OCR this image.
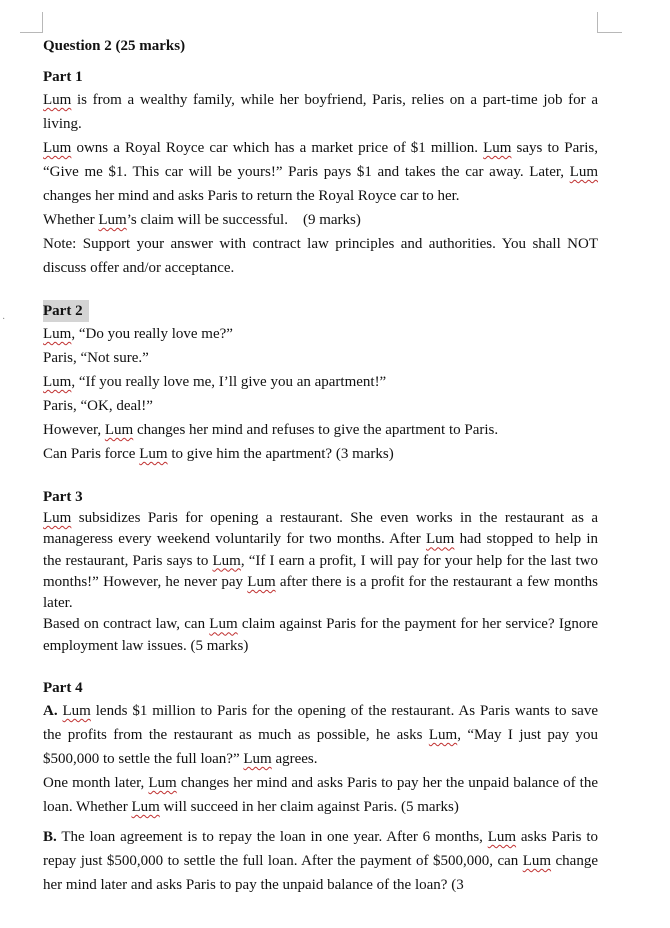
·
Question 2 (25 marks)
Part 1

Lum is from a wealthy family, while her boyfriend, Paris, relies on a part-time job for a living.

Lum owns a Royal Royce car which has a market price of $1 million. Lum says to Paris, “Give me $1. This car will be yours!” Paris pays $1 and takes the car away. Later, Lum changes her mind and asks Paris to return the Royal Royce car to her.

Whether Lum’s claim will be successful.    (9 marks)

Note: Support your answer with contract law principles and authorities. You shall NOT discuss offer and/or acceptance.

Part 2

Lum, “Do you really love me?”

Paris, “Not sure.”

Lum, “If you really love me, I’ll give you an apartment!”

Paris, “OK, deal!”

However, Lum changes her mind and refuses to give the apartment to Paris.

Can Paris force Lum to give him the apartment? (3 marks)

Part 3

Lum subsidizes Paris for opening a restaurant. She even works in the restaurant as a manageress every weekend voluntarily for two months. After Lum had stopped to help in the restaurant, Paris says to Lum, “If I earn a profit, I will pay for your help for the last two months!” However, he never pay Lum after there is a profit for the restaurant a few months later.

Based on contract law, can Lum claim against Paris for the payment for her service? Ignore employment law issues. (5 marks)

Part 4

A. Lum lends $1 million to Paris for the opening of the restaurant. As Paris wants to save the profits from the restaurant as much as possible, he asks Lum, “May I just pay you $500,000 to settle the full loan?” Lum agrees.

One month later, Lum changes her mind and asks Paris to pay her the unpaid balance of the loan. Whether Lum will succeed in her claim against Paris. (5 marks)

B. The loan agreement is to repay the loan in one year. After 6 months, Lum asks Paris to repay just $500,000 to settle the full loan. After the payment of $500,000, can Lum change her mind later and asks Paris to pay the unpaid balance of the loan? (3
